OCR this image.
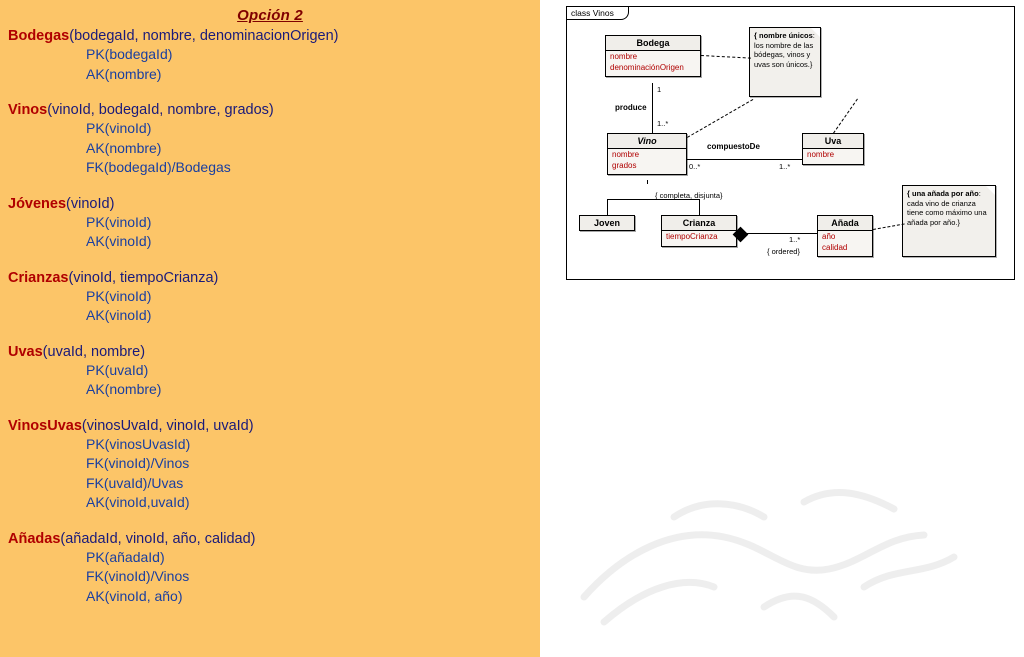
Opción 2
Bodegas(bodegaId, nombre, denominacionOrigen)
PK(bodegaId)
AK(nombre)
Vinos(vinoId, bodegaId, nombre, grados)
PK(vinoId)
AK(nombre)
FK(bodegaId)/Bodegas
Jóvenes(vinoId)
PK(vinoId)
AK(vinoId)
Crianzas(vinoId, tiempoCrianza)
PK(vinoId)
AK(vinoId)
Uvas(uvaId, nombre)
PK(uvaId)
AK(nombre)
VinosUvas(vinosUvaId, vinoId, uvaId)
PK(vinosUvasId)
FK(vinoId)/Vinos
FK(uvaId)/Uvas
AK(vinoId,uvaId)
Añadas(añadaId, vinoId, año, calidad)
PK(añadaId)
FK(vinoId)/Vinos
AK(vinoId, año)
class Vinos
Bodega
nombre
denominaciónOrigen
{ nombre únicos: los nombre de las bódegas, vinos y uvas son únicos.}
Vino
nombre
grados
Uva
nombre
Joven	Crianza
tiempoCrianza
Añada
año
calidad
{ una añada por año: cada vino de crianza tiene como máximo una añada por año.}
1
produce
1..*
compuestoDe
0..*	1..*
{ completa, disjunta}
1..*
{ ordered}
